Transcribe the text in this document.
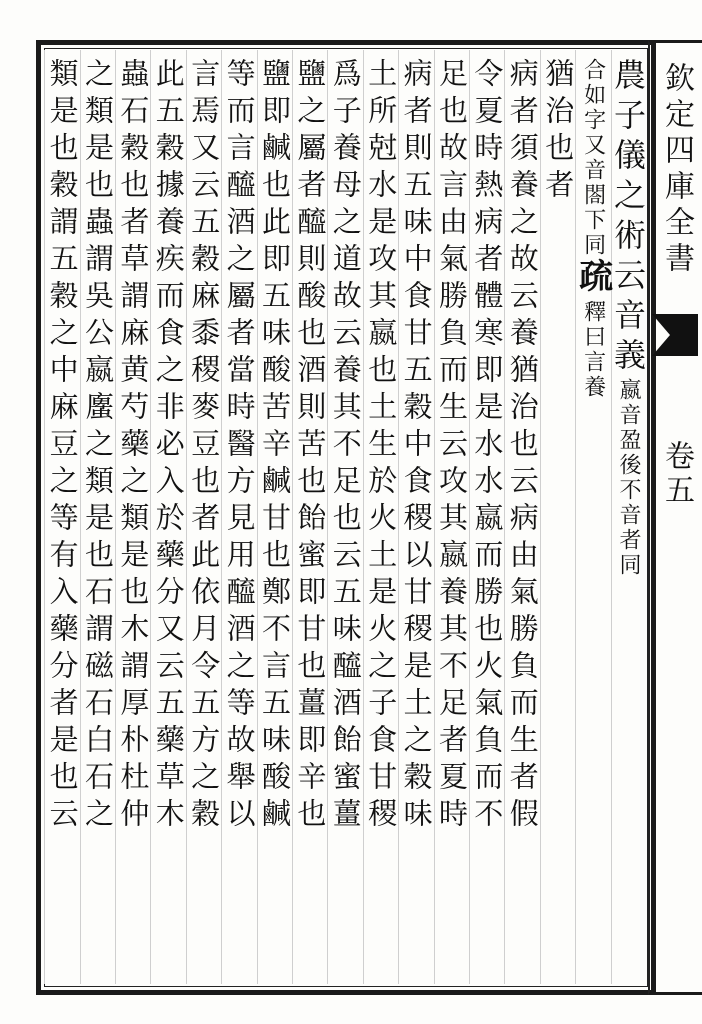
欽定四庫全書
卷五
農子儀之術云音義嬴音盈後不音者同
合如字又音閤下同疏釋曰言養
猶治也者
病者須養之故云養猶治也云病由氣勝負而生者假
令夏時熱病者體寒即是水水嬴而勝也火氣負而不
足也故言由氣勝負而生云攻其嬴養其不足者夏時
病者則五味中食甘五穀中食稷以甘稷是土之穀味
土所尅水是攻其嬴也土生於火土是火之子食甘稷
爲子養母之道故云養其不足也云五味醯酒飴蜜薑
鹽之屬者醯則酸也酒則苦也飴蜜即甘也薑即辛也
鹽即鹹也此即五味酸苦辛鹹甘也鄭不言五味酸鹹
等而言醯酒之屬者當時醫方見用醯酒之等故舉以
言焉又云五穀麻黍稷麥豆也者此依月令五方之穀
此五穀據養疾而食之非必入於藥分又云五藥草木
蟲石穀也者草謂麻黄芍藥之類是也木謂厚朴杜仲
之類是也蟲謂吳公嬴螷之類是也石謂磁石白石之
類是也穀謂五穀之中麻豆之等有入藥分者是也云
